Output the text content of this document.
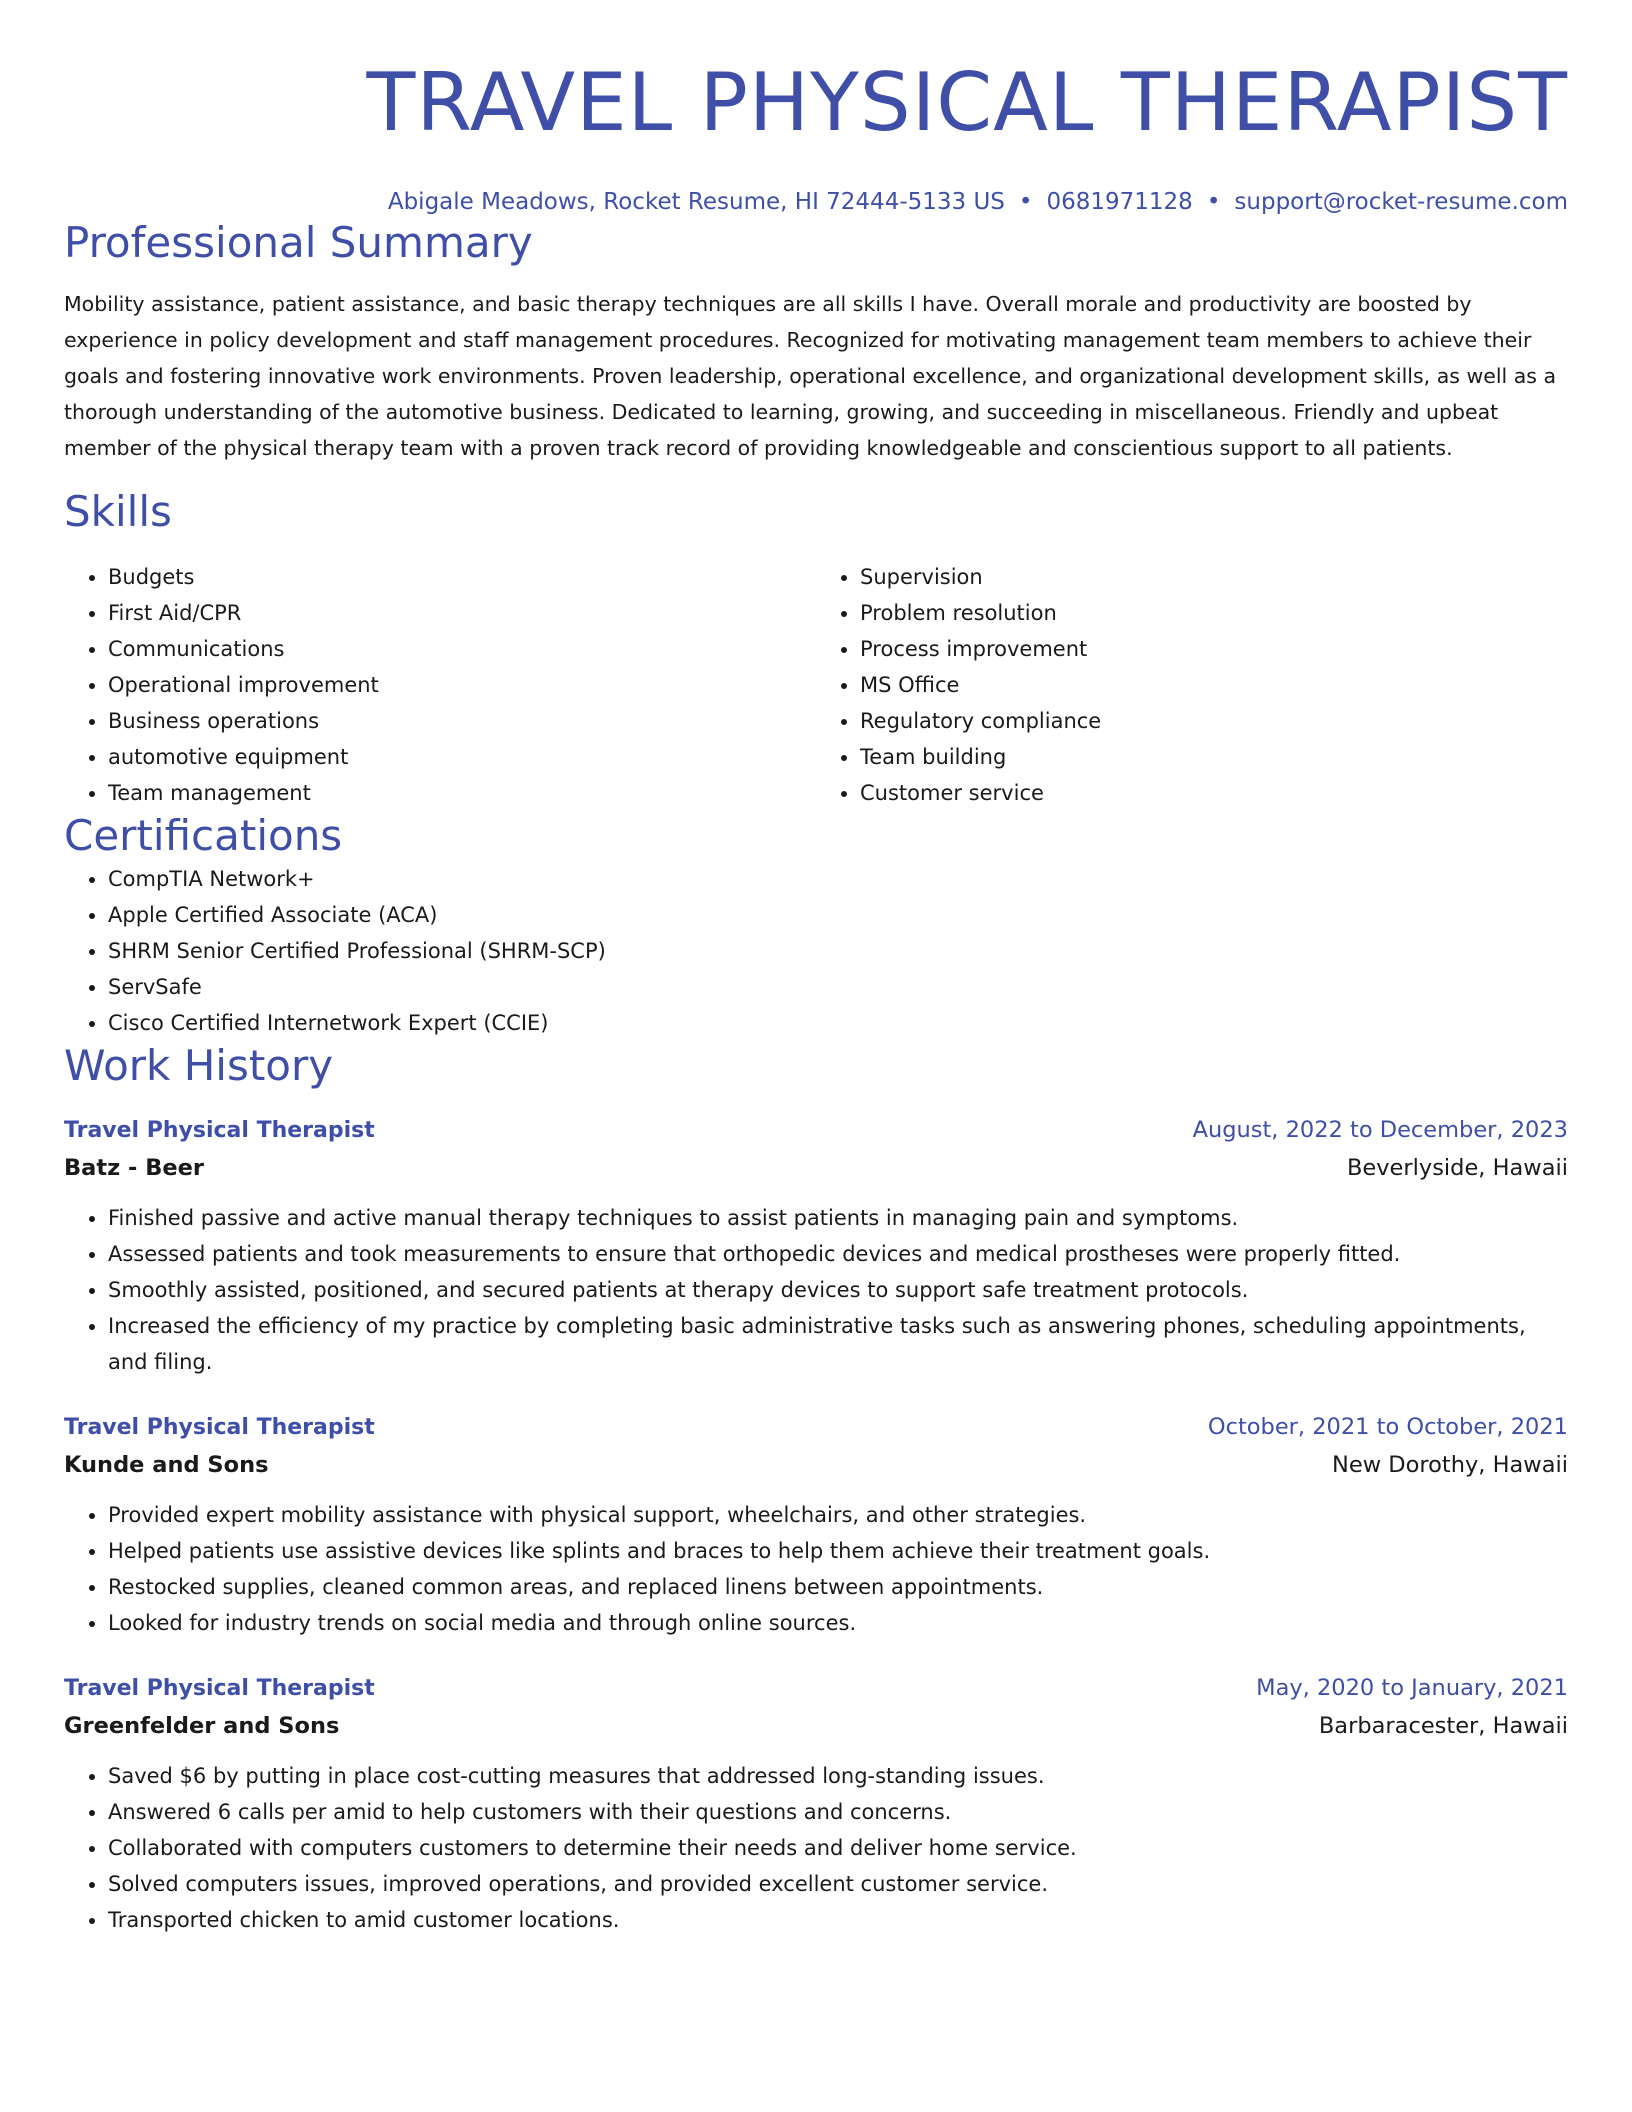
TRAVEL PHYSICAL THERAPIST
Abigale Meadows, Rocket Resume, HI 72444-5133 US • 0681971128 • support@rocket-resume.com
Professional Summary

Mobility assistance, patient assistance, and basic therapy techniques are all skills I have. Overall morale and productivity are boosted by experience in policy development and staff management procedures. Recognized for motivating management team members to achieve their goals and fostering innovative work environments. Proven leadership, operational excellence, and organizational development skills, as well as a thorough understanding of the automotive business. Dedicated to learning, growing, and succeeding in miscellaneous. Friendly and upbeat member of the physical therapy team with a proven track record of providing knowledgeable and conscientious support to all patients.

Skills
• Budgets
• First Aid/CPR
• Communications
• Operational improvement
• Business operations
• automotive equipment
• Team management
• Supervision
• Problem resolution
• Process improvement
• MS Office
• Regulatory compliance
• Team building
• Customer service
Certifications
• CompTIA Network+
• Apple Certified Associate (ACA)
• SHRM Senior Certified Professional (SHRM-SCP)
• ServSafe
• Cisco Certified Internetwork Expert (CCIE)
Work History
Travel Physical Therapist	August, 2022 to December, 2023
Batz - Beer	Beverlyside, Hawaii
• Finished passive and active manual therapy techniques to assist patients in managing pain and symptoms.
• Assessed patients and took measurements to ensure that orthopedic devices and medical prostheses were properly fitted.
• Smoothly assisted, positioned, and secured patients at therapy devices to support safe treatment protocols.
• Increased the efficiency of my practice by completing basic administrative tasks such as answering phones, scheduling appointments, and filing.
Travel Physical Therapist	October, 2021 to October, 2021
Kunde and Sons	New Dorothy, Hawaii
• Provided expert mobility assistance with physical support, wheelchairs, and other strategies.
• Helped patients use assistive devices like splints and braces to help them achieve their treatment goals.
• Restocked supplies, cleaned common areas, and replaced linens between appointments.
• Looked for industry trends on social media and through online sources.
Travel Physical Therapist	May, 2020 to January, 2021
Greenfelder and Sons	Barbaracester, Hawaii
• Saved $6 by putting in place cost-cutting measures that addressed long-standing issues.
• Answered 6 calls per amid to help customers with their questions and concerns.
• Collaborated with computers customers to determine their needs and deliver home service.
• Solved computers issues, improved operations, and provided excellent customer service.
• Transported chicken to amid customer locations.
